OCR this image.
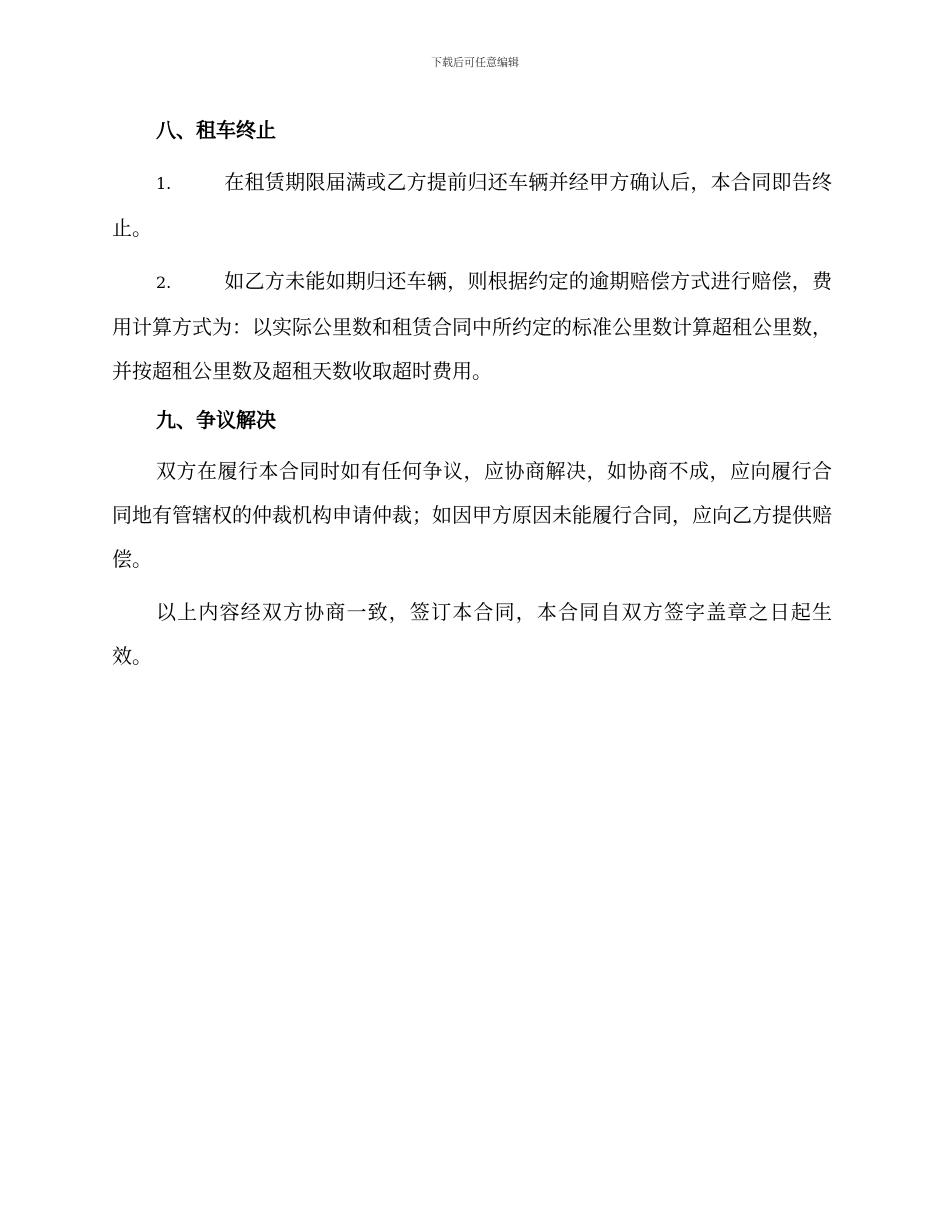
下载后可任意编辑

八、租车终止

1.	在租赁期限届满或乙方提前归还车辆并经甲方确认后，本合同即告终止。

2.	如乙方未能如期归还车辆，则根据约定的逾期赔偿方式进行赔偿，费用计算方式为：以实际公里数和租赁合同中所约定的标准公里数计算超租公里数，并按超租公里数及超租天数收取超时费用。

九、争议解决

双方在履行本合同时如有任何争议，应协商解决，如协商不成，应向履行合同地有管辖权的仲裁机构申请仲裁；如因甲方原因未能履行合同，应向乙方提供赔偿。

以上内容经双方协商一致，签订本合同，本合同自双方签字盖章之日起生效。
